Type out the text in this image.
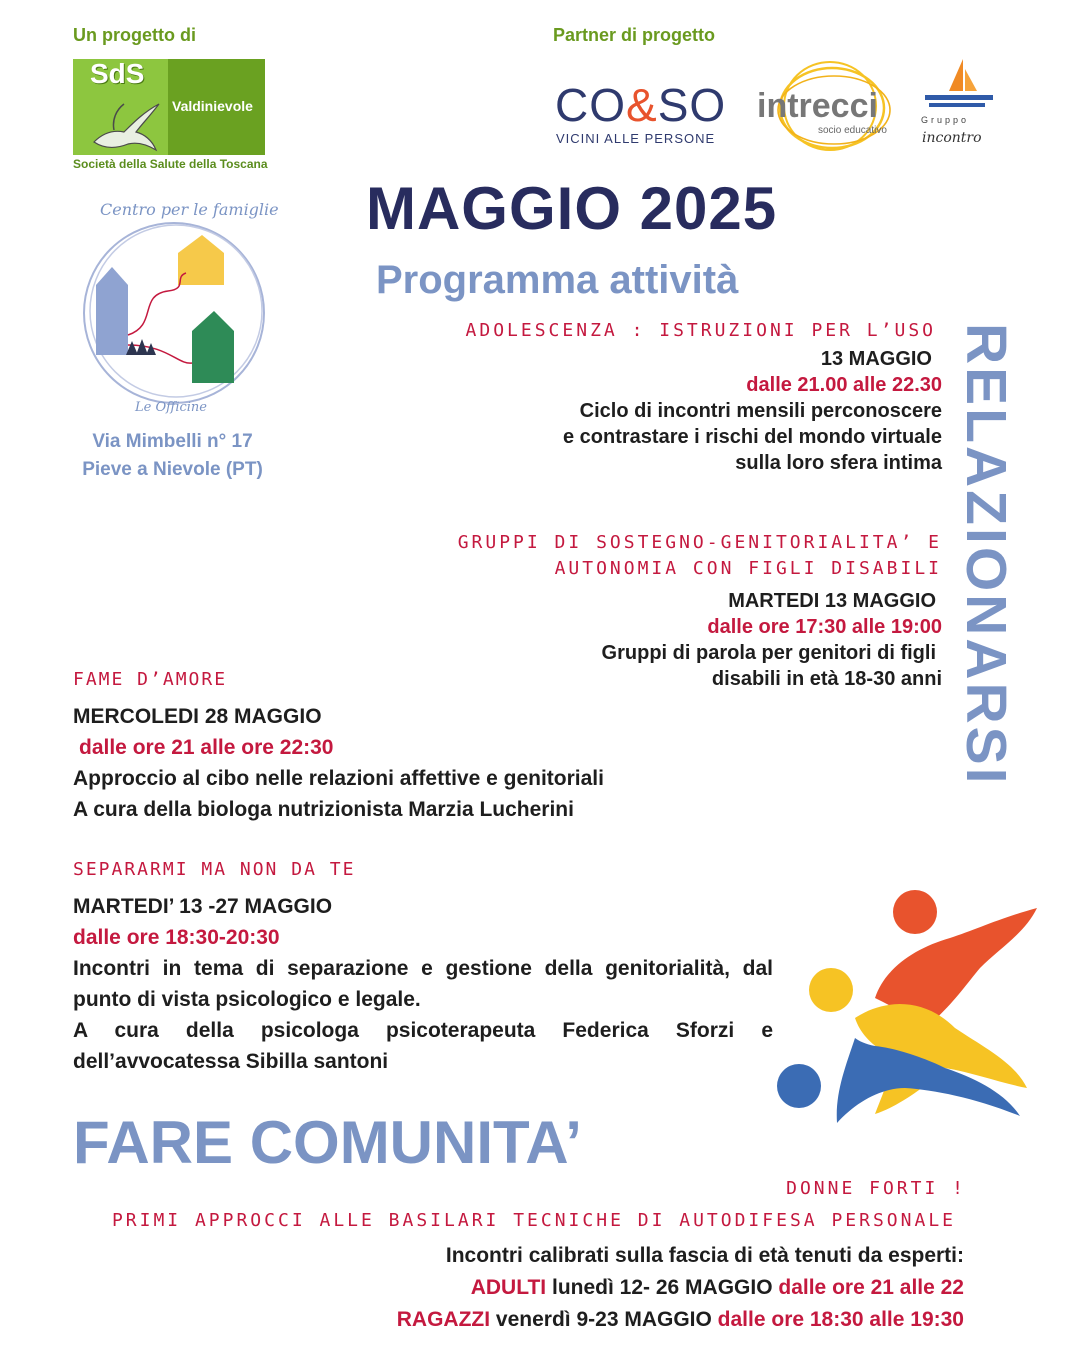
Un progetto di	Partner di progetto
SdS
Valdinievole
Società della Salute della Toscana
CO&SO
VICINI ALLE PERSONE
intrecci
socio educativo
Gruppo
incontro
Centro per le famiglie
Le Officine
Via Mimbelli n° 17
Pieve a Nievole (PT)
MAGGIO 2025
Programma attività
RELAZIONARSI
ADOLESCENZA : ISTRUZIONI PER L’USO
13 MAGGIO
dalle 21.00 alle 22.30
Ciclo di incontri mensili perconoscere
e contrastare i rischi del mondo virtuale
sulla loro sfera intima
GRUPPI DI SOSTEGNO-GENITORIALITA’ E
AUTONOMIA CON FIGLI DISABILI
MARTEDI 13 MAGGIO
dalle ore 17:30 alle 19:00
Gruppi di parola per genitori di figli
disabili in età 18-30 anni
FAME D’AMORE
MERCOLEDI 28 MAGGIO
dalle ore 21 alle ore 22:30
Approccio al cibo nelle relazioni affettive e genitoriali
A cura della biologa nutrizionista Marzia Lucherini
SEPARARMI MA NON DA TE
MARTEDI’ 13 -27 MAGGIO
dalle ore 18:30-20:30
Incontri in tema di separazione e gestione della genitorialità, dal punto di vista psicologico e legale.
A cura della psicologa psicoterapeuta Federica Sforzi e dell’avvocatessa Sibilla santoni
FARE COMUNITA’
DONNE FORTI !
PRIMI APPROCCI ALLE BASILARI TECNICHE DI AUTODIFESA PERSONALE
Incontri calibrati sulla fascia di età tenuti da esperti:
ADULTI lunedì 12- 26 MAGGIO dalle ore 21 alle 22
RAGAZZI venerdì 9-23 MAGGIO dalle ore 18:30 alle 19:30
